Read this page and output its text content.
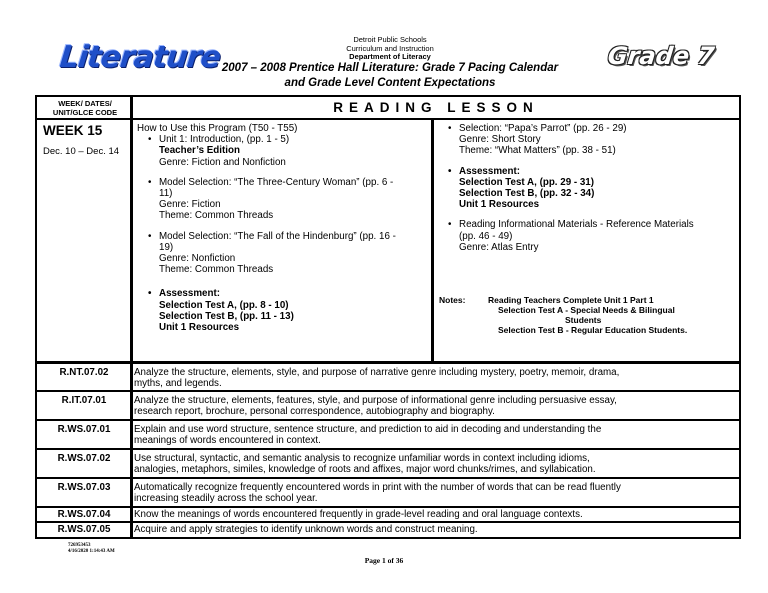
Literature	Grade 7
Detroit Public Schools
Curriculum and Instruction
Department of Literacy
2007 – 2008 Prentice Hall Literature: Grade 7 Pacing Calendar
and Grade Level Content Expectations
WEEK/ DATES/ UNIT/GLCE CODE	READING LESSON
WEEK 15
Dec. 10 – Dec. 14
How to Use this Program (T50 - T55)
• Unit 1: Introduction, (pp. 1 - 5)
Teacher’s Edition
Genre: Fiction and Nonfiction
• Model Selection: “The Three-Century Woman” (pp. 6 -
11)
Genre: Fiction
Theme: Common Threads
• Model Selection: “The Fall of the Hindenburg” (pp. 16 -
19)
Genre: Nonfiction
Theme: Common Threads
• Assessment:
Selection Test A, (pp. 8 - 10)
Selection Test B, (pp. 11 - 13)
Unit 1 Resources
• Selection: “Papa’s Parrot” (pp. 26 - 29)
Genre: Short Story
Theme: “What Matters” (pp. 38 - 51)
• Assessment:
Selection Test A, (pp. 29 - 31)
Selection Test B, (pp. 32 - 34)
Unit 1 Resources
• Reading Informational Materials - Reference Materials
(pp. 46 - 49)
Genre: Atlas Entry
Notes:	Reading Teachers Complete Unit 1 Part 1
Selection Test A - Special Needs & Bilingual
Students
Selection Test B - Regular Education Students.
R.NT.07.02	Analyze the structure, elements, style, and purpose of narrative genre including mystery, poetry, memoir, drama,
myths, and legends.
R.IT.07.01	Analyze the structure, elements, features, style, and purpose of informational genre including persuasive essay,
research report, brochure, personal correspondence, autobiography and biography.
R.WS.07.01	Explain and use word structure, sentence structure, and prediction to aid in decoding and understanding the
meanings of words encountered in context.
R.WS.07.02	Use structural, syntactic, and semantic analysis to recognize unfamiliar words in context including idioms,
analogies, metaphors, similes, knowledge of roots and affixes, major word chunks/rimes, and syllabication.
R.WS.07.03	Automatically recognize frequently encountered words in print with the number of words that can be read fluently
increasing steadily across the school year.
R.WS.07.04	Know the meanings of words encountered frequently in grade-level reading and oral language contexts.
R.WS.07.05	Acquire and apply strategies to identify unknown words and construct meaning.
726953453
4/16/2020 1:14:43 AM
Page 1 of 36
